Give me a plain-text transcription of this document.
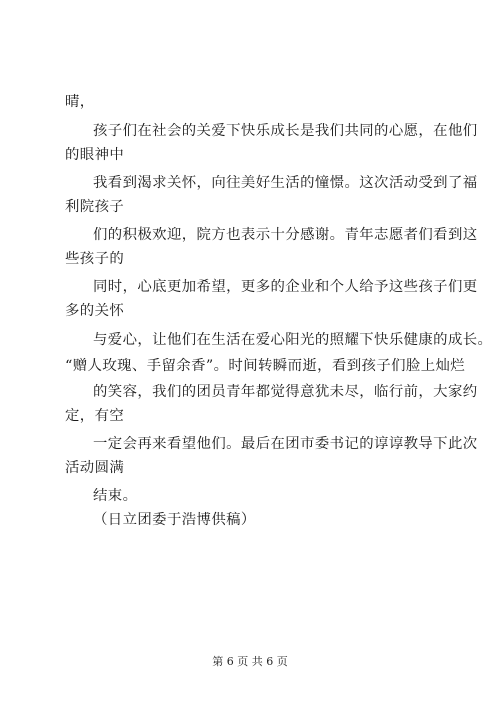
晴，
孩子们在社会的关爱下快乐成长是我们共同的心愿，在他们
的眼神中
我看到渴求关怀，向往美好生活的憧憬。这次活动受到了福
利院孩子
们的积极欢迎，院方也表示十分感谢。青年志愿者们看到这
些孩子的
同时，心底更加希望，更多的企业和个人给予这些孩子们更
多的关怀
与爱心，让他们在生活在爱心阳光的照耀下快乐健康的成长。
“赠人玫瑰、手留余香”。时间转瞬而逝，看到孩子们脸上灿烂
的笑容，我们的团员青年都觉得意犹未尽，临行前，大家约
定，有空
一定会再来看望他们。最后在团市委书记的谆谆教导下此次
活动圆满
结束。
（日立团委于浩博供稿）
第 6 页 共 6 页
